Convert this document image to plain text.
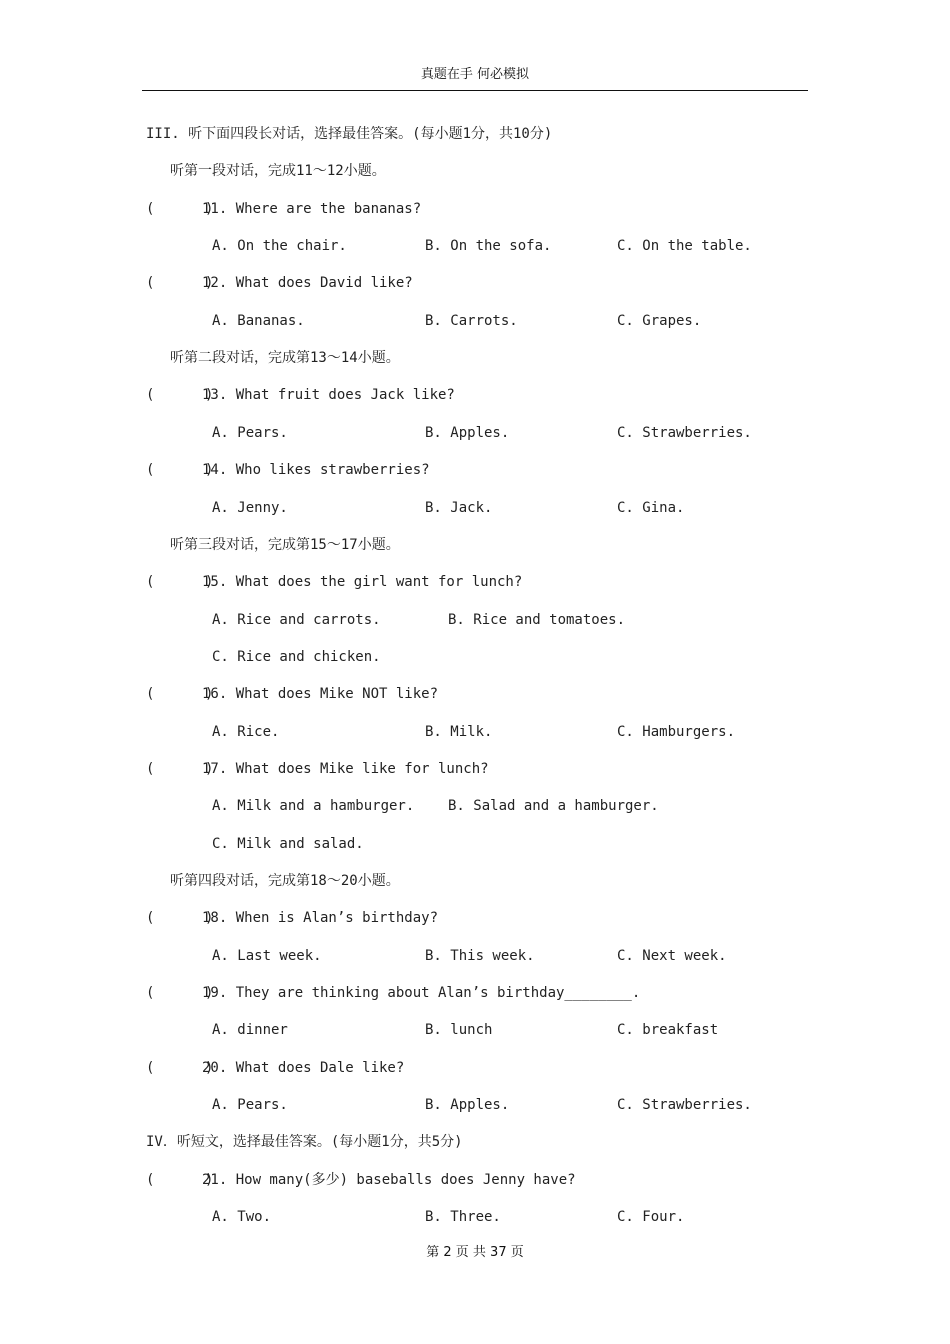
真题在手 何必模拟
III. 听下面四段长对话，选择最佳答案。(每小题1分，共10分)
听第一段对话，完成11～12小题。
(      )
11. Where are the bananas?
A. On the chair.	B. On the sofa.	C. On the table.
(      )
12. What does David like?
A. Bananas.	B. Carrots.	C. Grapes.
听第二段对话，完成第13～14小题。
(      )
13. What fruit does Jack like?
A. Pears.	B. Apples.	C. Strawberries.
(      )
14. Who likes strawberries?
A. Jenny.	B. Jack.	C. Gina.
听第三段对话，完成第15～17小题。
(      )
15. What does the girl want for lunch?
A. Rice and carrots.	B. Rice and tomatoes.
C. Rice and chicken.
(      )
16. What does Mike NOT like?
A. Rice.	B. Milk.	C. Hamburgers.
(      )
17. What does Mike like for lunch?
A. Milk and a hamburger. B. Salad and a hamburger.
C. Milk and salad.
听第四段对话，完成第18～20小题。
(      )
18. When is Alan’s birthday?
A. Last week.	B. This week.	C. Next week.
(      )
19. They are thinking about Alan’s birthday________.
A. dinner	B. lunch	C. breakfast
(      )
20. What does Dale like?
A. Pears.	B. Apples.	C. Strawberries.
IV．听短文，选择最佳答案。(每小题1分，共5分)
(      )
21. How many(多少) baseballs does Jenny have?
A. Two.	B. Three.	C. Four.
第 2 页 共 37 页
